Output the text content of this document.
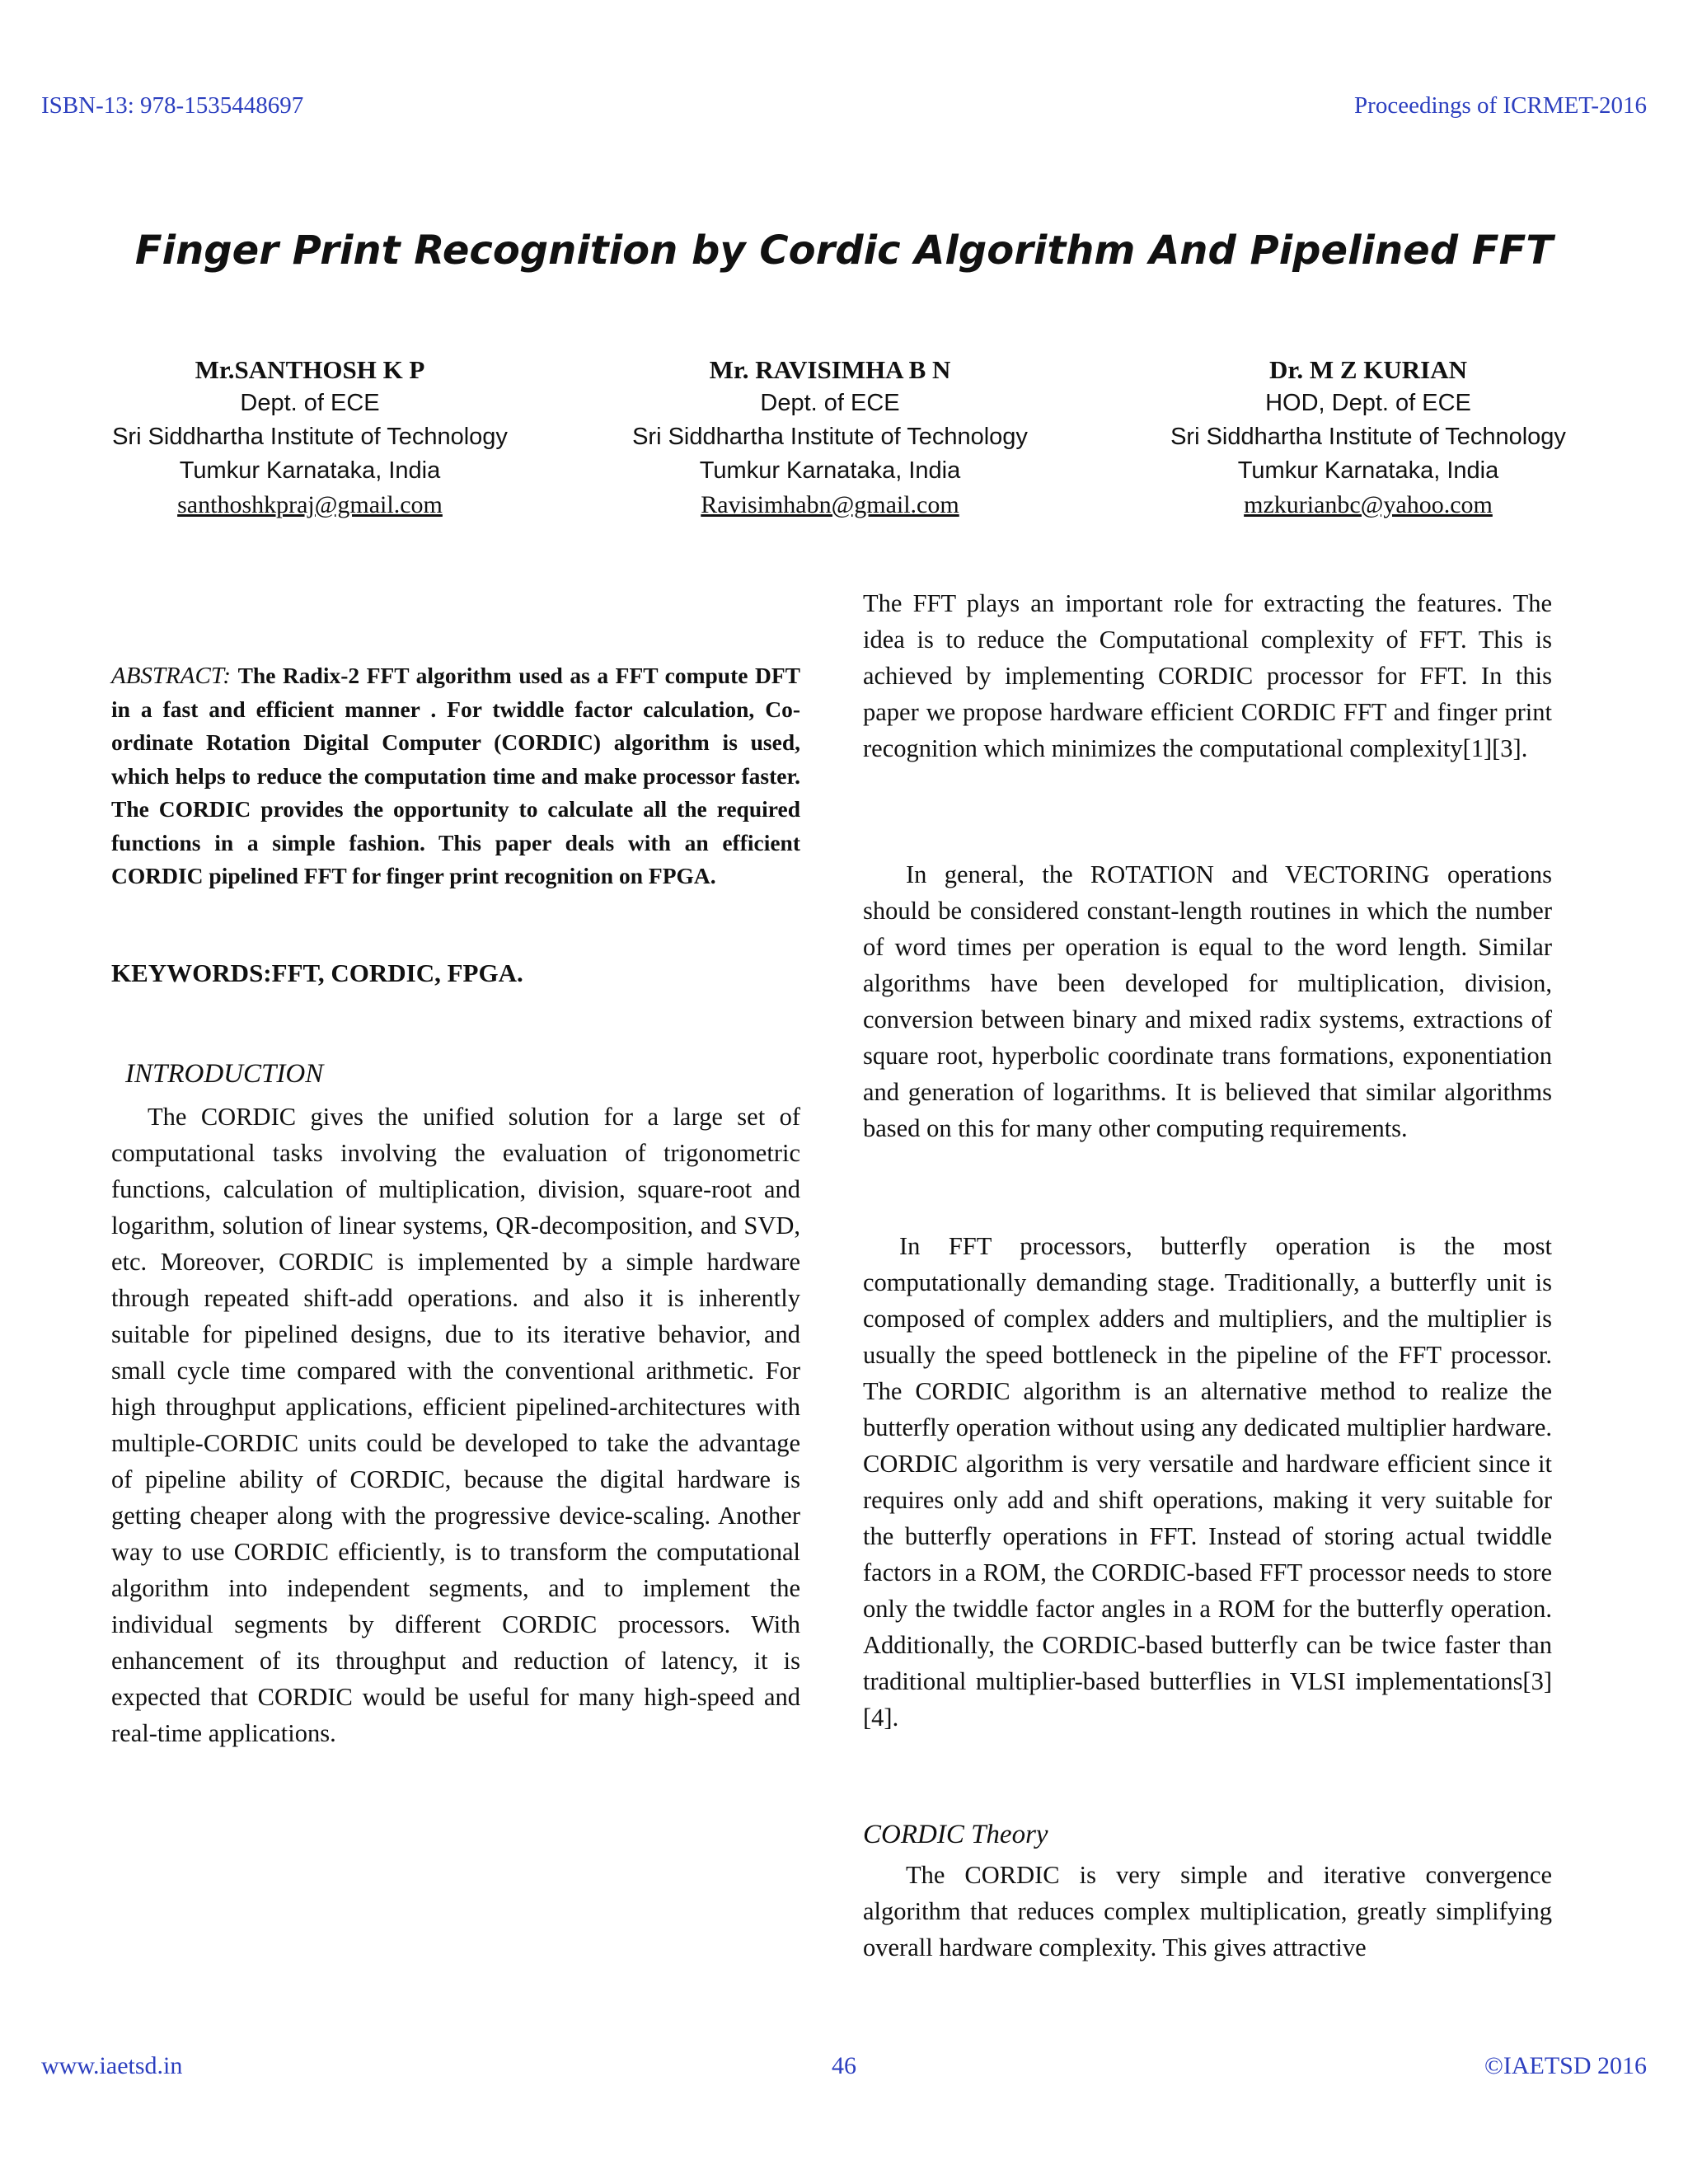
ISBN-13: 978-1535448697	Proceedings of ICRMET-2016
Finger Print Recognition by Cordic Algorithm And Pipelined FFT
Mr.SANTHOSH K P
Dept. of ECE
Sri Siddhartha Institute of Technology
Tumkur Karnataka, India
santhoshkpraj@gmail.com
Mr. RAVISIMHA B N
Dept. of ECE
Sri Siddhartha Institute of Technology
Tumkur Karnataka, India
Ravisimhabn@gmail.com
Dr. M Z KURIAN
HOD, Dept. of ECE
Sri Siddhartha Institute of Technology
Tumkur Karnataka, India
mzkurianbc@yahoo.com
ABSTRACT: The Radix-2 FFT algorithm used as a FFT compute DFT in a fast and efficient manner . For twiddle factor calculation, Co-ordinate Rotation Digital Computer (CORDIC) algorithm is used, which helps to reduce the computation time and make processor faster. The CORDIC provides the opportunity to calculate all the required functions in a simple fashion. This paper deals with an efficient CORDIC pipelined FFT for finger print recognition on FPGA.
KEYWORDS:FFT, CORDIC, FPGA.
INTRODUCTION
The CORDIC gives the unified solution for a large set of computational tasks involving the evaluation of trigonometric functions, calculation of multiplication, division, square-root and logarithm, solution of linear systems, QR-decomposition, and SVD, etc. Moreover, CORDIC is implemented by a simple hardware through repeated shift-add operations. and also it is inherently suitable for pipelined designs, due to its iterative behavior, and small cycle time compared with the conventional arithmetic. For high throughput applications, efficient pipelined-architectures with multiple-CORDIC units could be developed to take the advantage of pipeline ability of CORDIC, because the digital hardware is getting cheaper along with the progressive device-scaling. Another way to use CORDIC efficiently, is to transform the computational algorithm into independent segments, and to implement the individual segments by different CORDIC processors. With enhancement of its throughput and reduction of latency, it is expected that CORDIC would be useful for many high-speed and real-time applications.
The FFT plays an important role for extracting the features. The idea is to reduce the Computational complexity of FFT. This is achieved by implementing CORDIC processor for FFT. In this paper we propose hardware efficient CORDIC FFT and finger print recognition which minimizes the computational complexity[1][3].
In general, the ROTATION and VECTORING operations should be considered constant-length routines in which the number of word times per operation is equal to the word length. Similar algorithms have been developed for multiplication, division, conversion between binary and mixed radix systems, extractions of square root, hyperbolic coordinate trans formations, exponentiation and generation of logarithms. It is believed that similar algorithms based on this for many other computing requirements.
In FFT processors, butterfly operation is the most computationally demanding stage. Traditionally, a butterfly unit is composed of complex adders and multipliers, and the multiplier is usually the speed bottleneck in the pipeline of the FFT processor. The CORDIC algorithm is an alternative method to realize the butterfly operation without using any dedicated multiplier hardware. CORDIC algorithm is very versatile and hardware efficient since it requires only add and shift operations, making it very suitable for the butterfly operations in FFT. Instead of storing actual twiddle factors in a ROM, the CORDIC-based FFT processor needs to store only the twiddle factor angles in a ROM for the butterfly operation. Additionally, the CORDIC-based butterfly can be twice faster than traditional multiplier-based butterflies in VLSI implementations[3][4].
CORDIC Theory
The CORDIC is very simple and iterative convergence algorithm that reduces complex multiplication, greatly simplifying overall hardware complexity. This gives attractive
www.iaetsd.in	46	©IAETSD 2016
